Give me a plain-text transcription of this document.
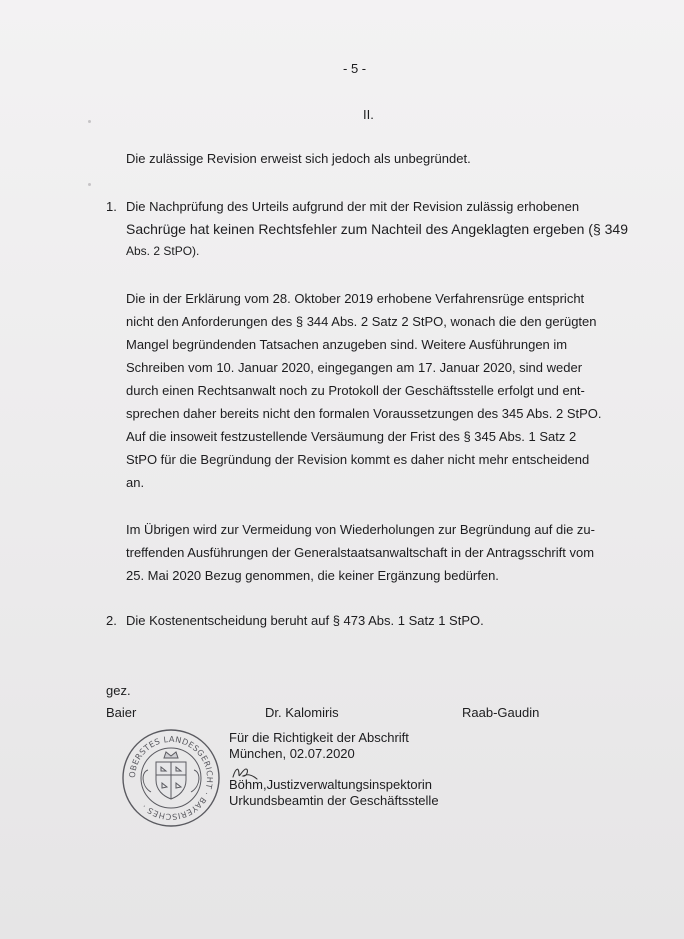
- 5 -
II.
Die zulässige Revision erweist sich jedoch als unbegründet.
1. Die Nachprüfung des Urteils aufgrund der mit der Revision zulässig erhobenen
Sachrüge hat keinen Rechtsfehler zum Nachteil des Angeklagten ergeben (§ 349
Abs. 2 StPO).
Die in der Erklärung vom 28. Oktober 2019 erhobene Verfahrensrüge entspricht
nicht den Anforderungen des § 344 Abs. 2 Satz 2 StPO, wonach die den gerügten
Mangel begründenden Tatsachen anzugeben sind. Weitere Ausführungen im
Schreiben vom 10. Januar 2020, eingegangen am 17. Januar 2020, sind weder
durch einen Rechtsanwalt noch zu Protokoll der Geschäftsstelle erfolgt und ent-
sprechen daher bereits nicht den formalen Voraussetzungen des 345 Abs. 2 StPO.
Auf die insoweit festzustellende Versäumung der Frist des § 345 Abs. 1 Satz 2
StPO für die Begründung der Revision kommt es daher nicht mehr entscheidend
an.
Im Übrigen wird zur Vermeidung von Wiederholungen zur Begründung auf die zu-
treffenden Ausführungen der Generalstaatsanwaltschaft in der Antragsschrift vom
25. Mai 2020 Bezug genommen, die keiner Ergänzung bedürfen.
2. Die Kostenentscheidung beruht auf § 473 Abs. 1 Satz 1 StPO.
gez.
Baier	Dr. Kalomiris	Raab-Gaudin
Für die Richtigkeit der Abschrift
München, 02.07.2020
Böhm,Justizverwaltungsinspektorin
Urkundsbeamtin der Geschäftsstelle
OBERSTES LANDESGERICHT · BAYERISCHES ·
